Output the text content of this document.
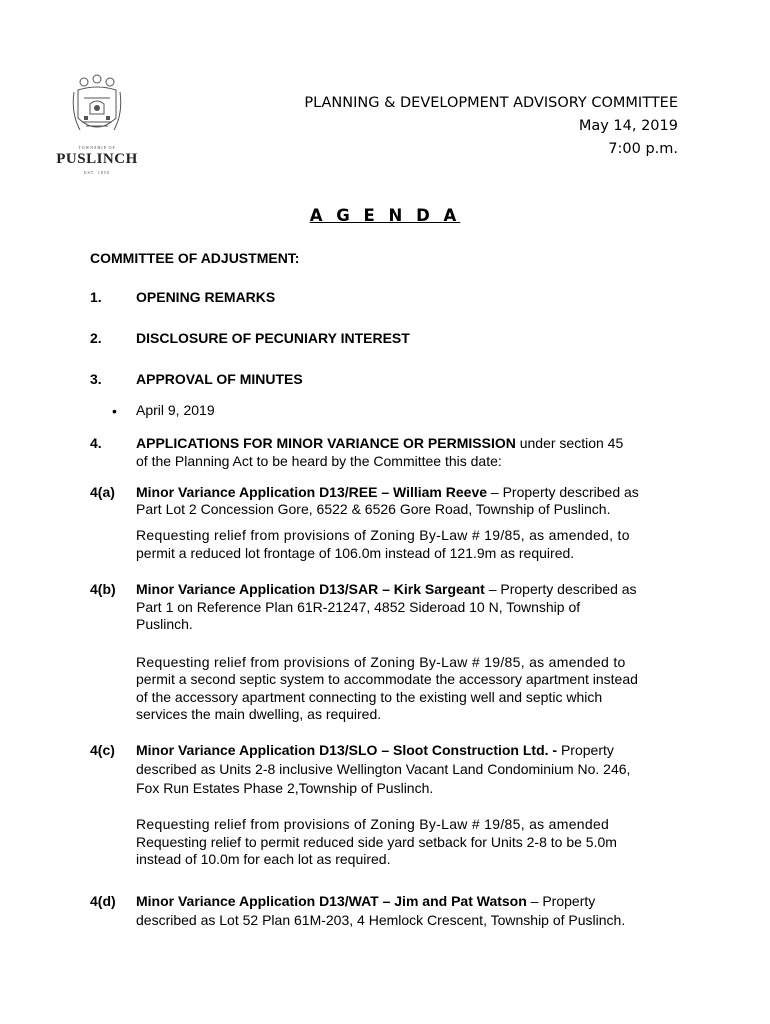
TOWNSHIP OF
PUSLINCH
EST. 1850
PLANNING & DEVELOPMENT ADVISORY COMMITTEE
May 14, 2019
7:00 p.m.
A G E N D A
COMMITTEE OF ADJUSTMENT:
1. OPENING REMARKS
2. DISCLOSURE OF PECUNIARY INTEREST
3. APPROVAL OF MINUTES
• April 9, 2019
4. APPLICATIONS FOR MINOR VARIANCE OR PERMISSION under section 45
of the Planning Act to be heard by the Committee this date:
4(a) Minor Variance Application D13/REE – William Reeve – Property described as
Part Lot 2 Concession Gore, 6522 & 6526 Gore Road, Township of Puslinch.
Requesting relief from provisions of Zoning By-Law # 19/85, as amended, to
permit a reduced lot frontage of 106.0m instead of 121.9m as required.
4(b) Minor Variance Application D13/SAR – Kirk Sargeant – Property described as
Part 1 on Reference Plan 61R-21247, 4852 Sideroad 10 N, Township of
Puslinch.
Requesting relief from provisions of Zoning By-Law # 19/85, as amended to
permit a second septic system to accommodate the accessory apartment instead
of the accessory apartment connecting to the existing well and septic which
services the main dwelling, as required.
4(c) Minor Variance Application D13/SLO – Sloot Construction Ltd. - Property
described as Units 2-8 inclusive Wellington Vacant Land Condominium No. 246,
Fox Run Estates Phase 2,Township of Puslinch.
Requesting relief from provisions of Zoning By-Law # 19/85, as amended
Requesting relief to permit reduced side yard setback for Units 2-8 to be 5.0m
instead of 10.0m for each lot as required.
4(d) Minor Variance Application D13/WAT – Jim and Pat Watson – Property
described as Lot 52 Plan 61M-203, 4 Hemlock Crescent, Township of Puslinch.
